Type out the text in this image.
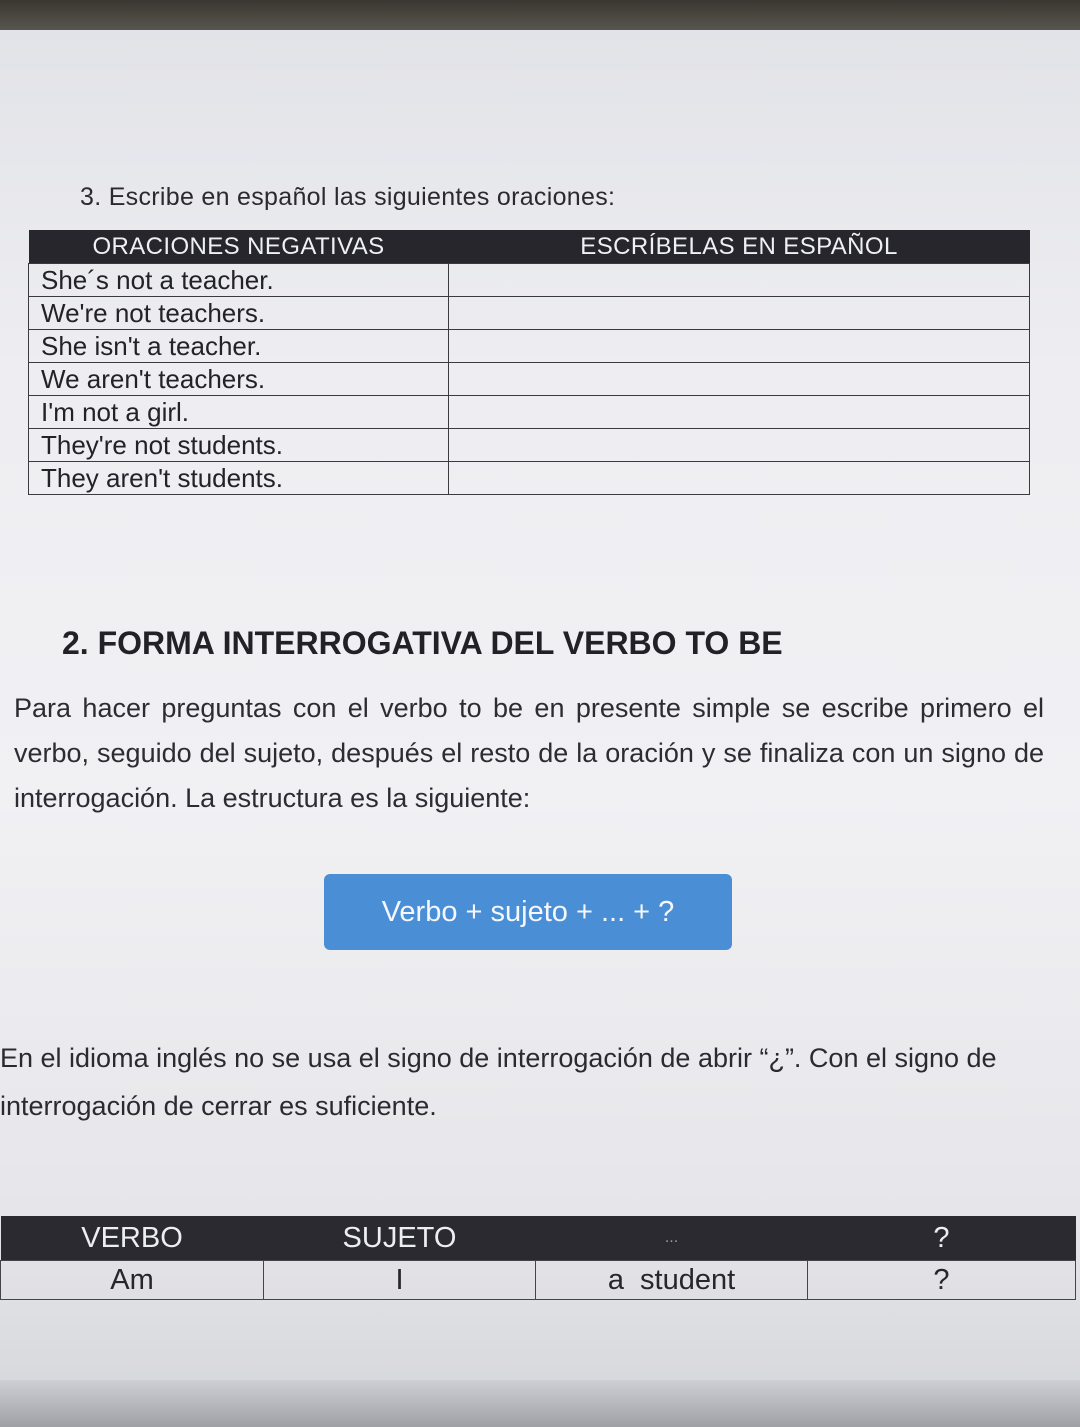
3. Escribe en español las siguientes oraciones:
ORACIONES NEGATIVAS	ESCRÍBELAS EN ESPAÑOL
She´s not a teacher.	
We're not teachers.	
She isn't a teacher.	
We aren't teachers.	
I'm not a girl.	
They're not students.	
They aren't students.	
2. FORMA INTERROGATIVA DEL VERBO TO BE
Para hacer preguntas con el verbo to be en presente simple se escribe primero el verbo, seguido del sujeto, después el resto de la oración y se finaliza con un signo de interrogación. La estructura es la siguiente:
Verbo + sujeto + ... + ?
En el idioma inglés no se usa el signo de interrogación de abrir “¿”. Con el signo de interrogación de cerrar es suficiente.
VERBO	SUJETO	...	?
Am	I	a  student	?
